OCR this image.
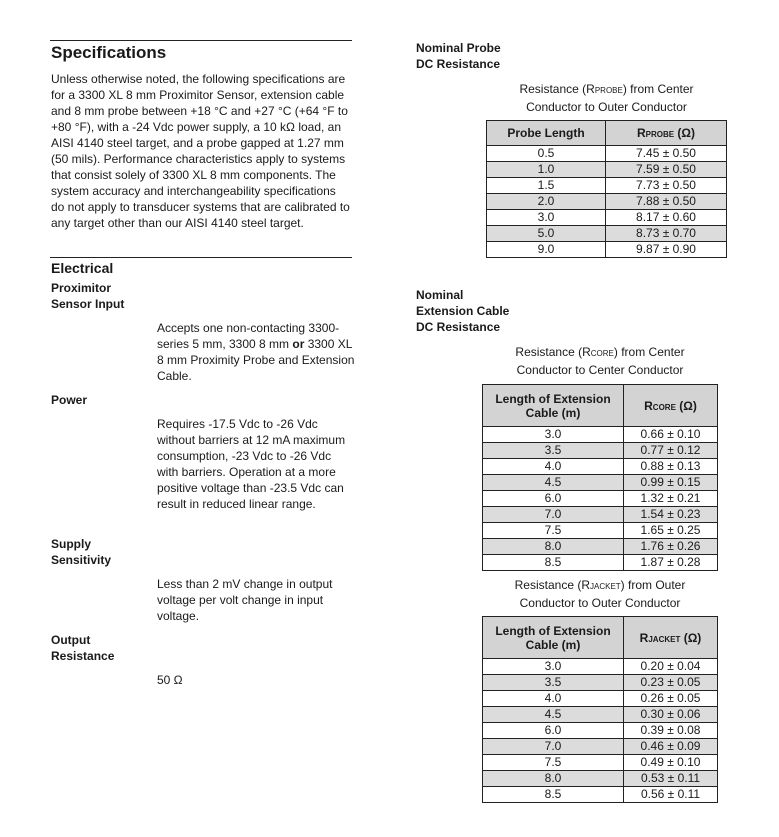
Specifications
Unless otherwise noted, the following specifications are for a 3300 XL 8 mm Proximitor Sensor, extension cable and 8 mm probe between +18 °C and +27 °C (+64 °F to +80 °F), with a -24 Vdc power supply, a 10 kΩ load, an AISI 4140 steel target, and a probe gapped at 1.27 mm (50 mils). Performance characteristics apply to systems that consist solely of 3300 XL 8 mm components. The system accuracy and interchangeability specifications do not apply to transducer systems that are calibrated to any target other than our AISI 4140 steel target.
Electrical
Proximitor
Sensor Input
Accepts one non-contacting 3300-series 5 mm, 3300 8 mm or 3300 XL 8 mm Proximity Probe and Extension Cable.
Power
Requires -17.5 Vdc to -26 Vdc without barriers at 12 mA maximum consumption, -23 Vdc to -26 Vdc with barriers. Operation at a more positive voltage than -23.5 Vdc can result in reduced linear range.
Supply
Sensitivity
Less than 2 mV change in output voltage per volt change in input voltage.
Output
Resistance
50 Ω
Nominal Probe
DC Resistance
Resistance (RPROBE) from Center
Conductor to Outer Conductor
Probe Length	RPROBE (Ω)
0.5	7.45 ± 0.50
1.0	7.59 ± 0.50
1.5	7.73 ± 0.50
2.0	7.88 ± 0.50
3.0	8.17 ± 0.60
5.0	8.73 ± 0.70
9.0	9.87 ± 0.90
Nominal
Extension Cable
DC Resistance
Resistance (RCORE) from Center
Conductor to Center Conductor
Length of Extension
Cable (m)	RCORE (Ω)
3.0	0.66 ± 0.10
3.5	0.77 ± 0.12
4.0	0.88 ± 0.13
4.5	0.99 ± 0.15
6.0	1.32 ± 0.21
7.0	1.54 ± 0.23
7.5	1.65 ± 0.25
8.0	1.76 ± 0.26
8.5	1.87 ± 0.28
Resistance (RJACKET) from Outer
Conductor to Outer Conductor
Length of Extension
Cable (m)	RJACKET (Ω)
3.0	0.20 ± 0.04
3.5	0.23 ± 0.05
4.0	0.26 ± 0.05
4.5	0.30 ± 0.06
6.0	0.39 ± 0.08
7.0	0.46 ± 0.09
7.5	0.49 ± 0.10
8.0	0.53 ± 0.11
8.5	0.56 ± 0.11
